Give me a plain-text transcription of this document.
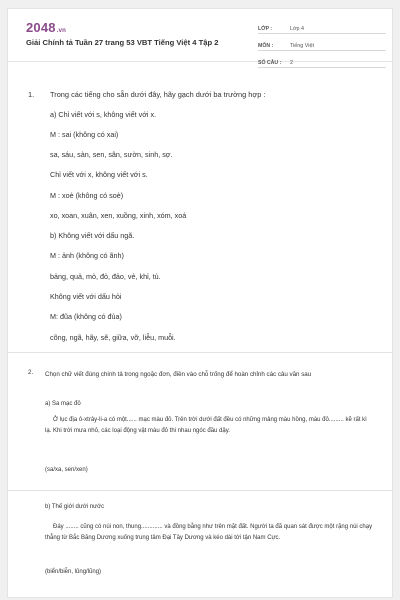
2048.vn
Giải Chính tả Tuần 27 trang 53 VBT Tiếng Việt 4 Tập 2
LỚP :	Lớp 4
MÔN :	Tiếng Việt
SỐ CÂU :	2
1. Trong các tiếng cho sẵn dưới đây, hãy gạch dưới ba trường hợp :
a) Chỉ viết với s, không viết với x.
M : sai (không có xai)
sa, sáu, sàn, sen, sân, sườn, sinh, sợ.
Chỉ viết với x, không viết với s.
M : xoè (không có soè)
xo, xoan, xuân, xen, xuồng, xinh, xóm, xoá
b) Không viết với dấu ngã.
M : ảnh (không có ãnh)
bảng, quả, mỏ, đỏ, đảo, vẻ, khỉ, tủ.
Không viết với dấu hỏi
M: đũa (không có đủa)
cõng, ngã, hãy, sẽ, giữa, vỡ, liễu, muỗi.
2. Chọn chữ viết đúng chính tả trong ngoặc đơn, điền vào chỗ trống để hoàn chỉnh các câu văn sau
a) Sa mạc đỏ
Ở lục địa ô-xtrây-li-a có một...... mạc màu đỏ. Trên trời dưới đất đều có những mảng màu hồng, màu đỏ......... kẽ rất kì lạ. Khi trời mưa nhỏ, các loại động vật màu đỏ thi nhau ngóc đầu dậy.
(sa/xa, sen/xen)
b) Thế giới dưới nước
Đáy ........ cũng có núi non, thung............. và đồng bằng như trên mặt đất. Người ta đã quan sát được một rặng núi chạy thẳng từ Bắc Băng Dương xuống trung tâm Đại Tây Dương và kéo dài tới tận Nam Cực.
(biển/biễn, lủng/lũng)
